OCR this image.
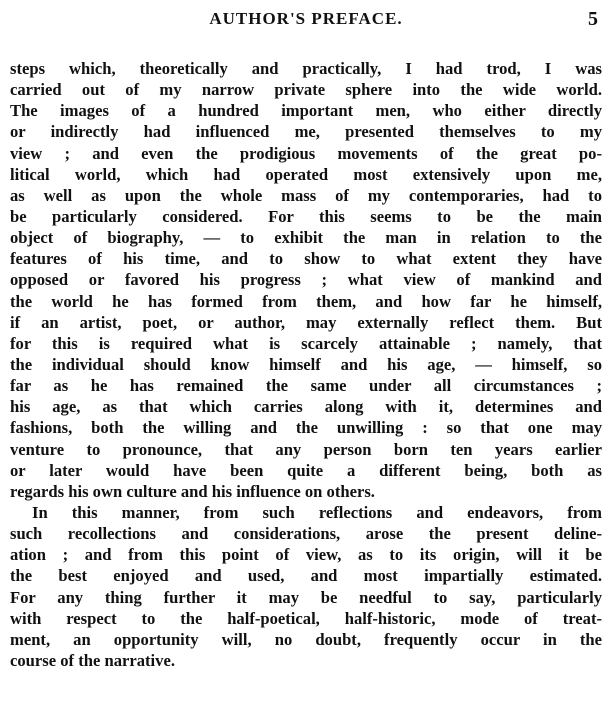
AUTHOR'S PREFACE.	5
steps which, theoretically and practically, I had trod, I was
carried out of my narrow private sphere into the wide world.
The images of a hundred important men, who either directly
or indirectly had influenced me, presented themselves to my
view ; and even the prodigious movements of the great po-
litical world, which had operated most extensively upon me,
as well as upon the whole mass of my contemporaries, had to
be particularly considered. For this seems to be the main
object of biography, — to exhibit the man in relation to the
features of his time, and to show to what extent they have
opposed or favored his progress ; what view of mankind and
the world he has formed from them, and how far he himself,
if an artist, poet, or author, may externally reflect them. But
for this is required what is scarcely attainable ; namely, that
the individual should know himself and his age, — himself, so
far as he has remained the same under all circumstances ;
his age, as that which carries along with it, determines and
fashions, both the willing and the unwilling : so that one may
venture to pronounce, that any person born ten years earlier
or later would have been quite a different being, both as
regards his own culture and his influence on others.
In this manner, from such reflections and endeavors, from
such recollections and considerations, arose the present deline-
ation ; and from this point of view, as to its origin, will it be
the best enjoyed and used, and most impartially estimated.
For any thing further it may be needful to say, particularly
with respect to the half-poetical, half-historic, mode of treat-
ment, an opportunity will, no doubt, frequently occur in the
course of the narrative.
